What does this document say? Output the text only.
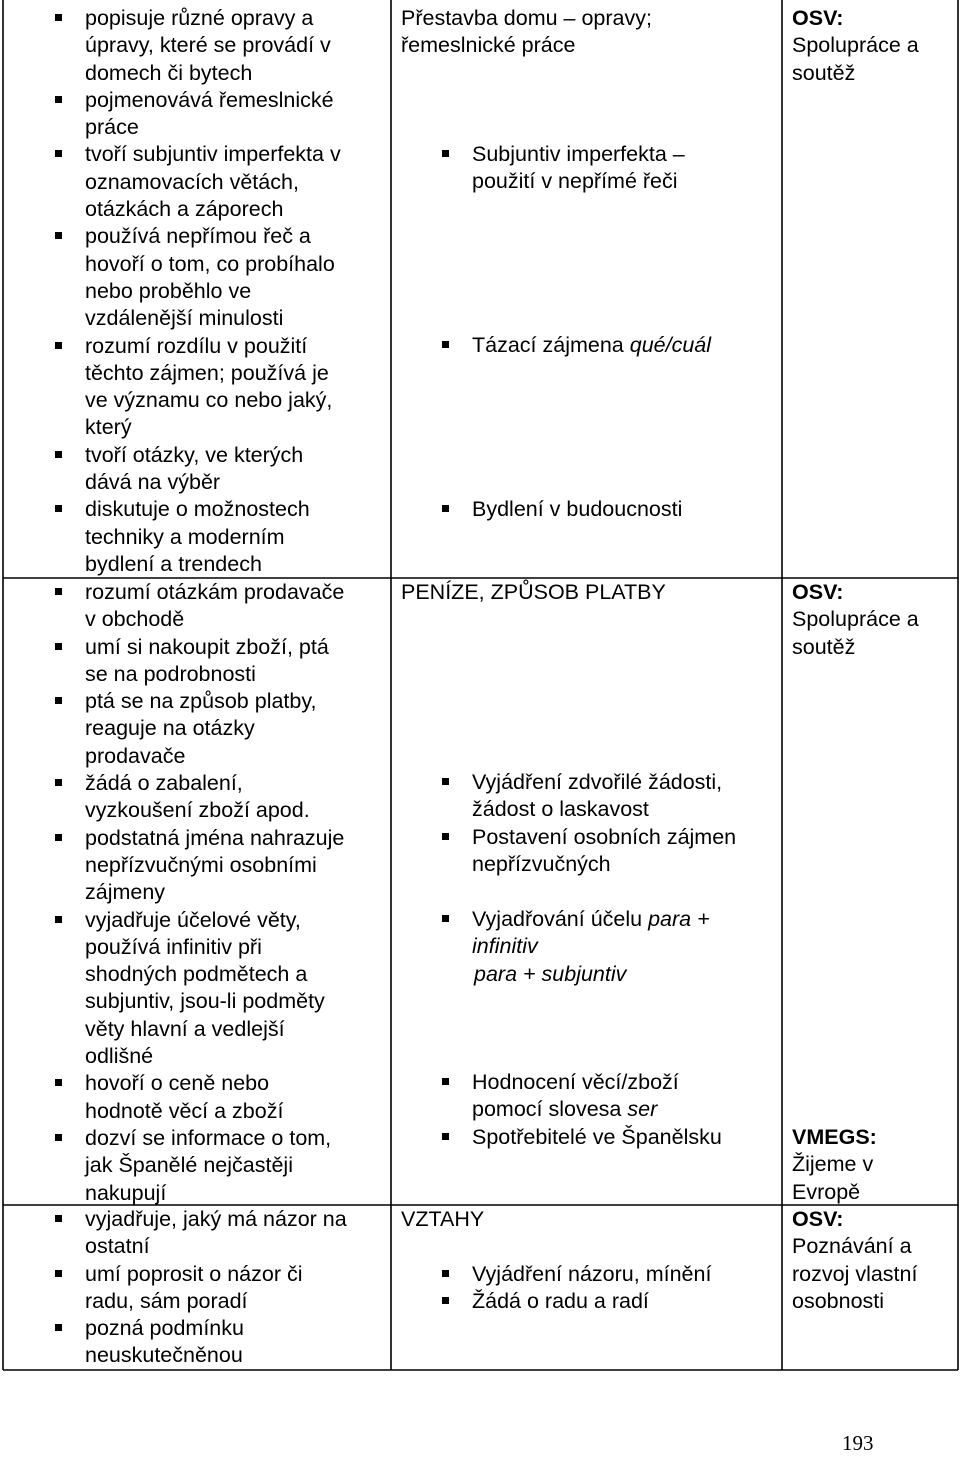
popisuje různé opravy a
úpravy, které se provádí v
domech či bytech
pojmenovává řemeslnické
práce
tvoří subjuntiv imperfekta v
oznamovacích větách,
otázkách a záporech
používá nepřímou řeč a
hovoří o tom, co probíhalo
nebo proběhlo ve
vzdálenější minulosti
rozumí rozdílu v použití
těchto zájmen; používá je
ve významu co nebo jaký,
který
tvoří otázky, ve kterých
dává na výběr
diskutuje o možnostech
techniky a moderním
bydlení a trendech
Přestavba domu – opravy;
řemeslnické práce
Subjuntiv imperfekta –
použití v nepřímé řeči
Tázací zájmena qué/cuál
Bydlení v budoucnosti
OSV:
Spolupráce a
soutěž
rozumí otázkám prodavače
v obchodě
umí si nakoupit zboží, ptá
se na podrobnosti
ptá se na způsob platby,
reaguje na otázky
prodavače
žádá o zabalení,
vyzkoušení zboží apod.
podstatná jména nahrazuje
nepřízvučnými osobními
zájmeny
vyjadřuje účelové věty,
používá infinitiv při
shodných podmětech a
subjuntiv, jsou-li podměty
věty hlavní a vedlejší
odlišné
hovoří o ceně nebo
hodnotě věcí a zboží
dozví se informace o tom,
jak Španělé nejčastěji
nakupují
PENÍZE, ZPŮSOB PLATBY
Vyjádření zdvořilé žádosti,
žádost o laskavost
Postavení osobních zájmen
nepřízvučných
Vyjadřování účelu para +
infinitiv
para + subjuntiv
Hodnocení věcí/zboží
pomocí slovesa ser
Spotřebitelé ve Španělsku
OSV:
Spolupráce a
soutěž
VMEGS:
Žijeme v
Evropě
vyjadřuje, jaký má názor na
ostatní
umí poprosit o názor či
radu, sám poradí
pozná podmínku
neuskutečněnou
VZTAHY
Vyjádření názoru, mínění
Žádá o radu a radí
OSV:
Poznávání a
rozvoj vlastní
osobnosti
193
